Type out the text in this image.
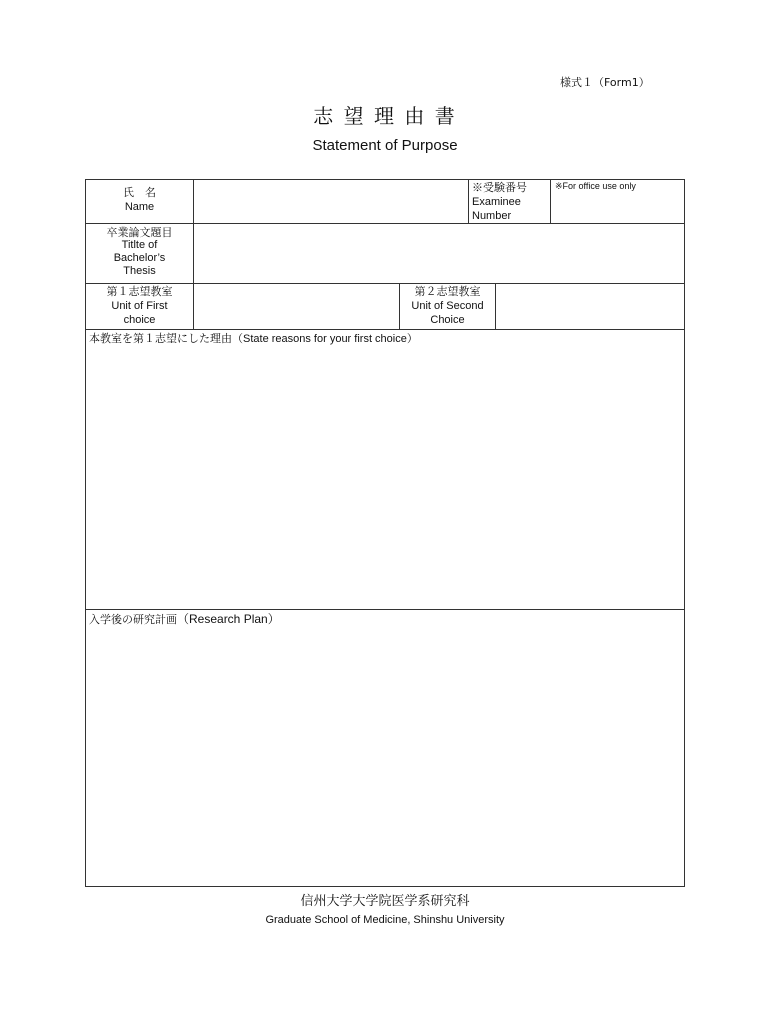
様式１（Form1）
志 望 理 由 書
Statement of Purpose
氏　名
Name
※受験番号
Examinee Number
※For office use only
卒業論文題目
Titlte of Bachelor’s Thesis
第１志望教室
Unit of First choice
第２志望教室
Unit of Second Choice
本教室を第１志望にした理由（State reasons for your first choice）
入学後の研究計画（Research Plan）
信州大学大学院医学系研究科
Graduate School of Medicine, Shinshu University
